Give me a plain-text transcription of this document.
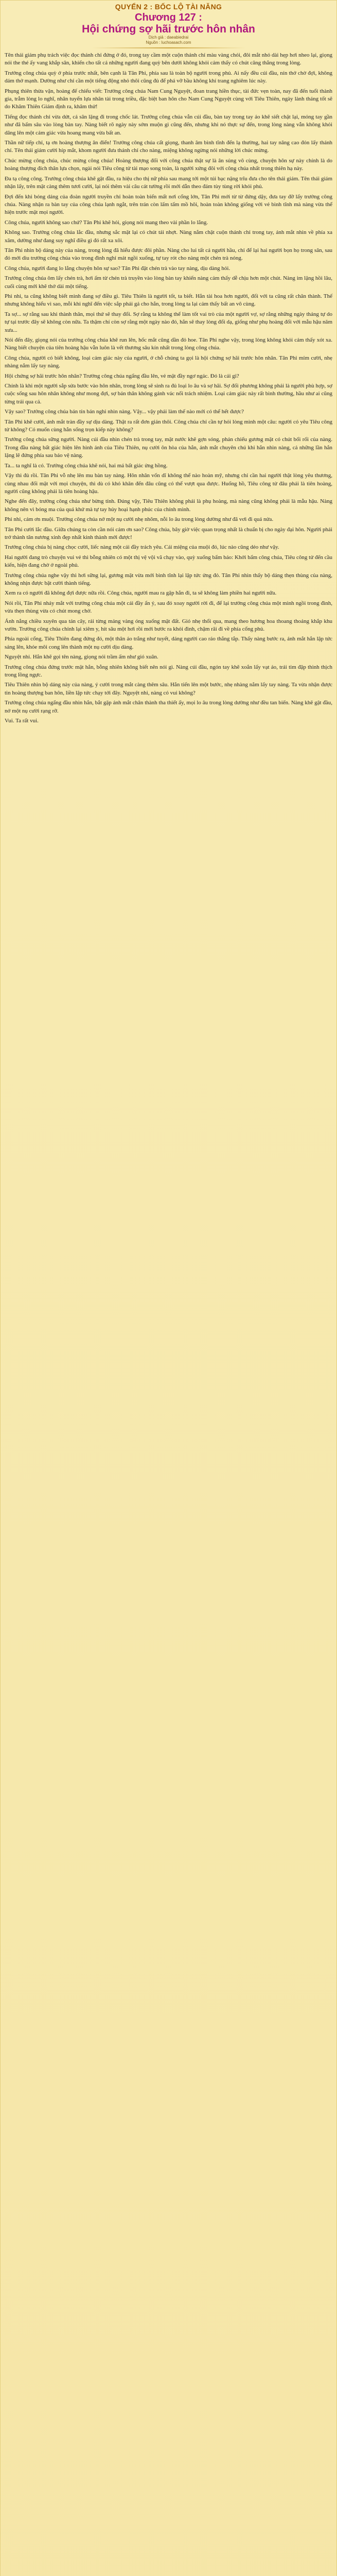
QUYỂN 2 : BỐC LỘ TÀI NĂNG
Chương 127 :
Hội chứng sợ hãi trước hôn nhân
Dịch giả : daeabiedrai
Nguồn : luchoasach.com

Tên thái giám phụ trách việc đọc thánh chỉ đứng ở đó, trong tay cầm một cuộn thánh chỉ màu vàng chói, đôi mắt nhỏ dài hẹp hơi nheo lại, giọng nói the thé ấy vang khắp sân, khiến cho tất cả những người đang quỳ bên dưới không khỏi cảm thấy có chút căng thẳng trong lòng.

Trưởng công chúa quỳ ở phía trước nhất, bên cạnh là Tân Phi, phía sau là toàn bộ người trong phủ. Ai nấy đều cúi đầu, nín thở chờ đợi, không dám thở mạnh. Dường như chỉ cần một tiếng động nhỏ thôi cũng đủ để phá vỡ bầu không khí trang nghiêm lúc này.

Phụng thiên thừa vận, hoàng đế chiếu viết: Trưởng công chúa Nam Cung Nguyệt, đoan trang hiền thục, tài đức vẹn toàn, nay đã đến tuổi thành gia, trẫm lòng lo nghĩ, nhân tuyển lựa nhân tài trong triều, đặc biệt ban hôn cho Nam Cung Nguyệt cùng với Tiêu Thiên, ngày lành tháng tốt sẽ do Khâm Thiên Giám định ra, khâm thử!

Tiếng đọc thánh chỉ vừa dứt, cả sân lặng đi trong chốc lát. Trưởng công chúa vẫn cúi đầu, bàn tay trong tay áo khẽ siết chặt lại, móng tay gần như đã bấm sâu vào lòng bàn tay. Nàng biết rõ ngày này sớm muộn gì cũng đến, nhưng khi nó thực sự đến, trong lòng nàng vẫn không khỏi dâng lên một cảm giác vừa hoang mang vừa bất an.

Thần nữ tiếp chỉ, tạ ơn hoàng thượng ân điển! Trưởng công chúa cất giọng, thanh âm bình tĩnh đến lạ thường, hai tay nâng cao đón lấy thánh chỉ. Tên thái giám cười híp mắt, khom người đưa thánh chỉ cho nàng, miệng không ngừng nói những lời chúc mừng.

Chúc mừng công chúa, chúc mừng công chúa! Hoàng thượng đối với công chúa thật sự là ân sủng vô cùng, chuyện hôn sự này chính là do hoàng thượng đích thân lựa chọn, ngài nói Tiêu công tử tài mạo song toàn, là người xứng đôi với công chúa nhất trong thiên hạ này.

Đa tạ công công. Trưởng công chúa khẽ gật đầu, ra hiệu cho thị nữ phía sau mang tới một túi bạc nặng trĩu đưa cho tên thái giám. Tên thái giám nhận lấy, trên mặt càng thêm tươi cười, lại nói thêm vài câu cát tường rồi mới dẫn theo đám tùy tùng rời khỏi phủ.

Đợi đến khi bóng dáng của đoàn người truyền chỉ hoàn toàn biến mất nơi cổng lớn, Tân Phi mới từ từ đứng dậy, đưa tay đỡ lấy trưởng công chúa. Nàng nhận ra bàn tay của công chúa lạnh ngắt, trên trán còn lấm tấm mồ hôi, hoàn toàn không giống với vẻ bình tĩnh mà nàng vừa thể hiện trước mặt mọi người.

Công chúa, người không sao chứ? Tân Phi khẽ hỏi, giọng nói mang theo vài phần lo lắng.

Không sao. Trưởng công chúa lắc đầu, nhưng sắc mặt lại có chút tái nhợt. Nàng nắm chặt cuộn thánh chỉ trong tay, ánh mắt nhìn về phía xa xăm, dường như đang suy nghĩ điều gì đó rất xa xôi.

Tân Phi nhìn bộ dáng này của nàng, trong lòng đã hiểu được đôi phần. Nàng cho lui tất cả người hầu, chỉ để lại hai người bọn họ trong sân, sau đó mới dìu trưởng công chúa vào trong đình nghỉ mát ngồi xuống, tự tay rót cho nàng một chén trà nóng.

Công chúa, người đang lo lắng chuyện hôn sự sao? Tân Phi đặt chén trà vào tay nàng, dịu dàng hỏi.

Trưởng công chúa ôm lấy chén trà, hơi ấm từ chén trà truyền vào lòng bàn tay khiến nàng cảm thấy dễ chịu hơn một chút. Nàng im lặng hồi lâu, cuối cùng mới khẽ thở dài một tiếng.

Phi nhi, ta cũng không biết mình đang sợ điều gì. Tiêu Thiên là người tốt, ta biết. Hắn tài hoa hơn người, đối với ta cũng rất chân thành. Thế nhưng không hiểu vì sao, mỗi khi nghĩ đến việc sắp phải gả cho hắn, trong lòng ta lại cảm thấy bất an vô cùng.

Ta sợ... sợ rằng sau khi thành thân, mọi thứ sẽ thay đổi. Sợ rằng ta không thể làm tốt vai trò của một người vợ, sợ rằng những ngày tháng tự do tự tại trước đây sẽ không còn nữa. Ta thậm chí còn sợ rằng một ngày nào đó, hắn sẽ thay lòng đổi dạ, giống như phụ hoàng đối với mẫu hậu năm xưa...

Nói đến đây, giọng nói của trưởng công chúa khẽ run lên, hốc mắt cũng dần đỏ hoe. Tân Phi nghe vậy, trong lòng không khỏi cảm thấy xót xa. Nàng biết chuyện của tiên hoàng hậu vẫn luôn là vết thương sâu kín nhất trong lòng công chúa.

Công chúa, người có biết không, loại cảm giác này của người, ở chỗ chúng ta gọi là hội chứng sợ hãi trước hôn nhân. Tân Phi mỉm cười, nhẹ nhàng nắm lấy tay nàng.

Hội chứng sợ hãi trước hôn nhân? Trưởng công chúa ngẩng đầu lên, vẻ mặt đầy ngơ ngác. Đó là cái gì?

Chính là khi một người sắp sửa bước vào hôn nhân, trong lòng sẽ sinh ra đủ loại lo âu và sợ hãi. Sợ đối phương không phải là người phù hợp, sợ cuộc sống sau hôn nhân không như mong đợi, sợ bản thân không gánh vác nổi trách nhiệm. Loại cảm giác này rất bình thường, hầu như ai cũng từng trải qua cả.

Vậy sao? Trưởng công chúa bán tín bán nghi nhìn nàng. Vậy... vậy phải làm thế nào mới có thể hết được?

Tân Phi khẽ cười, ánh mắt tràn đầy sự dịu dàng. Thật ra rất đơn giản thôi. Công chúa chỉ cần tự hỏi lòng mình một câu: người có yêu Tiêu công tử không? Có muốn cùng hắn sống trọn kiếp này không?

Trưởng công chúa sững người. Nàng cúi đầu nhìn chén trà trong tay, mặt nước khẽ gợn sóng, phản chiếu gương mặt có chút bối rối của nàng. Trong đầu nàng bất giác hiện lên hình ảnh của Tiêu Thiên, nụ cười ôn hòa của hắn, ánh mắt chuyên chú khi hắn nhìn nàng, cả những lần hắn lặng lẽ đứng phía sau bảo vệ nàng.

Ta... ta nghĩ là có. Trưởng công chúa khẽ nói, hai má bất giác ửng hồng.

Vậy thì đủ rồi. Tân Phi vỗ nhẹ lên mu bàn tay nàng. Hôn nhân vốn dĩ không thể nào hoàn mỹ, nhưng chỉ cần hai người thật lòng yêu thương, cùng nhau đối mặt với mọi chuyện, thì dù có khó khăn đến đâu cũng có thể vượt qua được. Huống hồ, Tiêu công tử đâu phải là tiên hoàng, người cũng không phải là tiên hoàng hậu.

Nghe đến đây, trưởng công chúa như bừng tỉnh. Đúng vậy, Tiêu Thiên không phải là phụ hoàng, mà nàng cũng không phải là mẫu hậu. Nàng không nên vì bóng ma của quá khứ mà tự tay hủy hoại hạnh phúc của chính mình.

Phi nhi, cảm ơn muội. Trưởng công chúa nở một nụ cười nhẹ nhõm, nỗi lo âu trong lòng dường như đã vơi đi quá nửa.

Tân Phi cười lắc đầu. Giữa chúng ta còn cần nói cảm ơn sao? Công chúa, bây giờ việc quan trọng nhất là chuẩn bị cho ngày đại hôn. Người phải trở thành tân nương xinh đẹp nhất kinh thành mới được!

Trưởng công chúa bị nàng chọc cười, liếc nàng một cái đầy trách yêu. Cái miệng của muội đó, lúc nào cũng dẻo như vậy.

Hai người đang trò chuyện vui vẻ thì bỗng nhiên có một thị vệ vội vã chạy vào, quỳ xuống bẩm báo: Khởi bẩm công chúa, Tiêu công tử đến cầu kiến, hiện đang chờ ở ngoài phủ.

Trưởng công chúa nghe vậy thì hơi sững lại, gương mặt vừa mới bình tĩnh lại lập tức ửng đỏ. Tân Phi nhìn thấy bộ dáng thẹn thùng của nàng, không nhịn được bật cười thành tiếng.

Xem ra có người đã không đợi được nữa rồi. Công chúa, người mau ra gặp hắn đi, ta sẽ không làm phiền hai người nữa.

Nói rồi, Tân Phi nháy mắt với trưởng công chúa một cái đầy ẩn ý, sau đó xoay người rời đi, để lại trưởng công chúa một mình ngồi trong đình, vừa thẹn thùng vừa có chút mong chờ.

Ánh nắng chiều xuyên qua tán cây, rải từng mảng vàng óng xuống mặt đất. Gió nhẹ thổi qua, mang theo hương hoa thoang thoảng khắp khu vườn. Trưởng công chúa chỉnh lại xiêm y, hít sâu một hơi rồi mới bước ra khỏi đình, chậm rãi đi về phía cổng phủ.

Phía ngoài cổng, Tiêu Thiên đang đứng đó, một thân áo trắng như tuyết, dáng người cao ráo thẳng tắp. Thấy nàng bước ra, ánh mắt hắn lập tức sáng lên, khóe môi cong lên thành một nụ cười dịu dàng.

Nguyệt nhi. Hắn khẽ gọi tên nàng, giọng nói trầm ấm như gió xuân.

Trưởng công chúa đứng trước mặt hắn, bỗng nhiên không biết nên nói gì. Nàng cúi đầu, ngón tay khẽ xoắn lấy vạt áo, trái tim đập thình thịch trong lồng ngực.

Tiêu Thiên nhìn bộ dáng này của nàng, ý cười trong mắt càng thêm sâu. Hắn tiến lên một bước, nhẹ nhàng nắm lấy tay nàng. Ta vừa nhận được tin hoàng thượng ban hôn, liền lập tức chạy tới đây. Nguyệt nhi, nàng có vui không?

Trưởng công chúa ngẩng đầu nhìn hắn, bắt gặp ánh mắt chân thành tha thiết ấy, mọi lo âu trong lòng dường như đều tan biến. Nàng khẽ gật đầu, nở một nụ cười rạng rỡ.

Vui. Ta rất vui.
